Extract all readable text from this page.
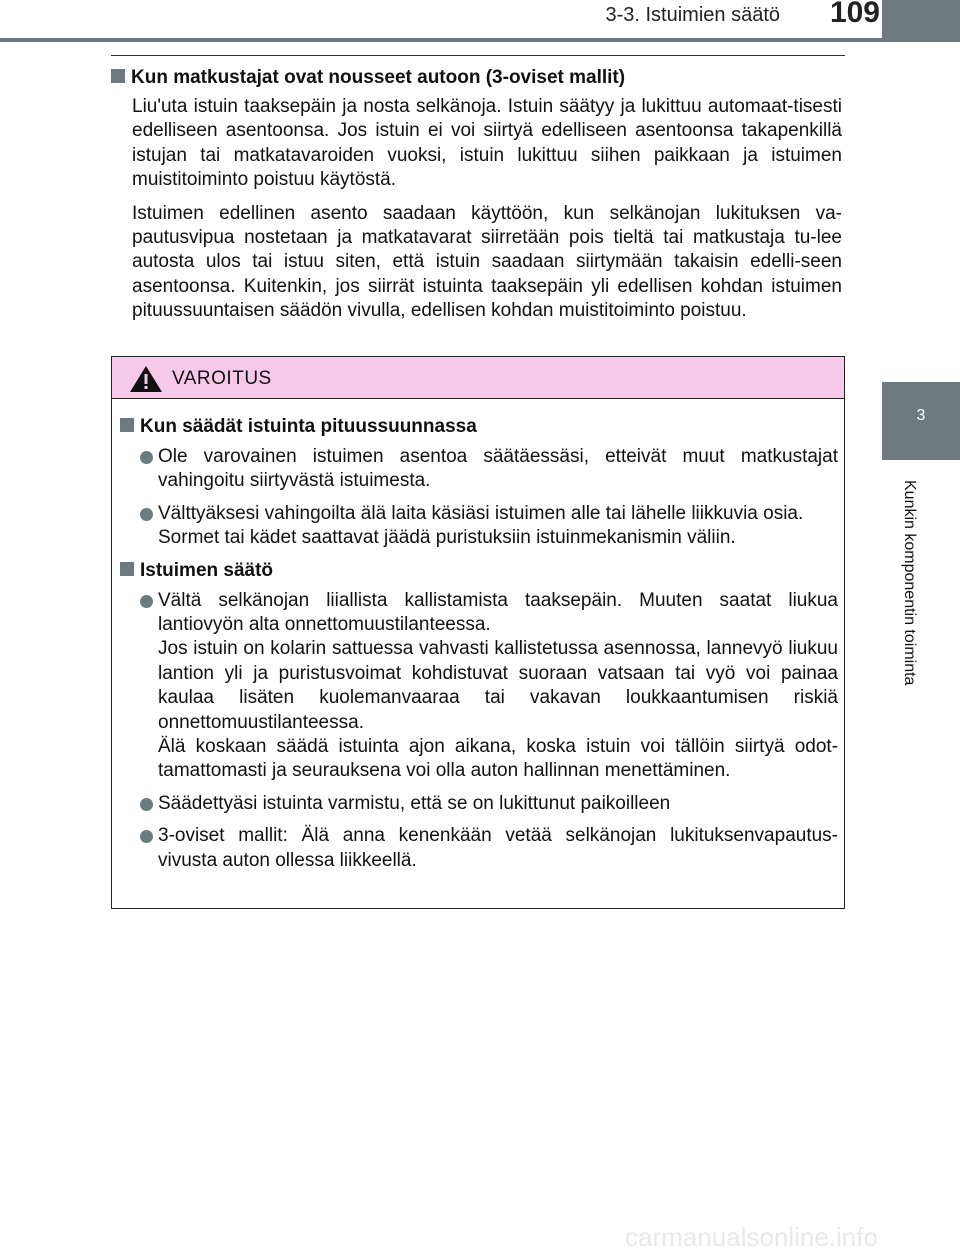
3-3. Istuimien säätö	109
3
Kunkin komponentin toiminta
Kun matkustajat ovat nousseet autoon (3-oviset mallit)
Liu'uta istuin taaksepäin ja nosta selkänoja. Istuin säätyy ja lukittuu automaat-tisesti edelliseen asentoonsa. Jos istuin ei voi siirtyä edelliseen asentoonsa takapenkillä istujan tai matkatavaroiden vuoksi, istuin lukittuu siihen paikkaan ja istuimen muistitoiminto poistuu käytöstä.
Istuimen edellinen asento saadaan käyttöön, kun selkänojan lukituksen va-pautusvipua nostetaan ja matkatavarat siirretään pois tieltä tai matkustaja tu-lee autosta ulos tai istuu siten, että istuin saadaan siirtymään takaisin edelli-seen asentoonsa. Kuitenkin, jos siirrät istuinta taaksepäin yli edellisen kohdan istuimen pituussuuntaisen säädön vivulla, edellisen kohdan muistitoiminto poistuu.
VAROITUS
Kun säädät istuinta pituussuunnassa

Ole varovainen istuimen asentoa säätäessäsi, etteivät muut matkustajat vahingoitu siirtyvästä istuimesta.

Välttyäksesi vahingoilta älä laita käsiäsi istuimen alle tai lähelle liikkuvia osia.

Sormet tai kädet saattavat jäädä puristuksiin istuinmekanismin väliin.

Istuimen säätö

Vältä selkänojan liiallista kallistamista taaksepäin. Muuten saatat liukua lantiovyön alta onnettomuustilanteessa.

Jos istuin on kolarin sattuessa vahvasti kallistetussa asennossa, lannevyö liukuu lantion yli ja puristusvoimat kohdistuvat suoraan vatsaan tai vyö voi painaa kaulaa lisäten kuolemanvaaraa tai vakavan loukkaantumisen riskiä onnettomuustilanteessa.

Älä koskaan säädä istuinta ajon aikana, koska istuin voi tällöin siirtyä odot-tamattomasti ja seurauksena voi olla auton hallinnan menettäminen.

Säädettyäsi istuinta varmistu, että se on lukittunut paikoilleen

3-oviset mallit: Älä anna kenenkään vetää selkänojan lukituksenvapautus-vivusta auton ollessa liikkeellä.

carmanualsonline.info
